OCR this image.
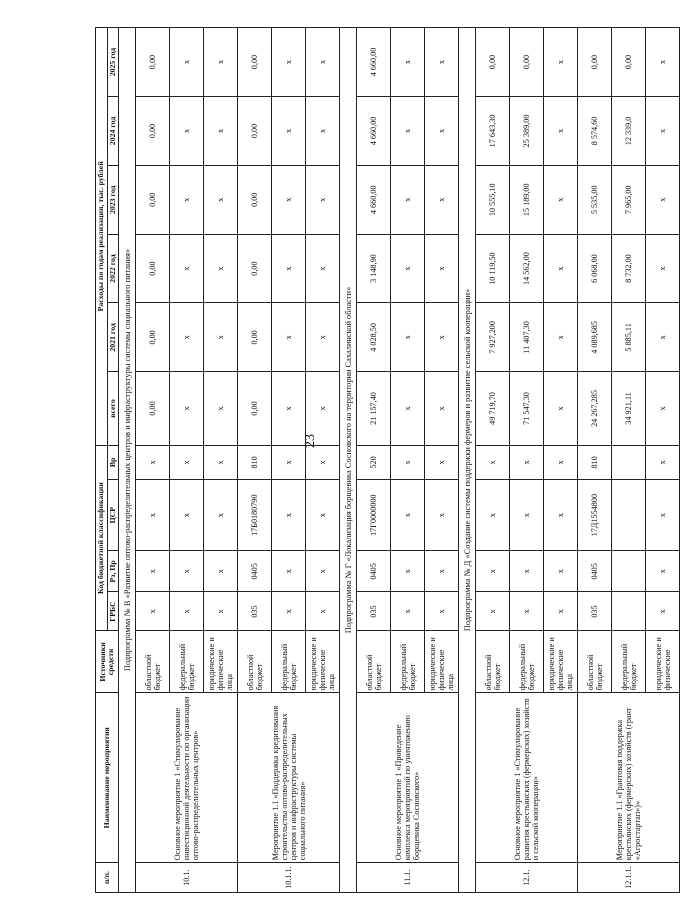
23
п/п.	Наименование мероприятия	Источники средств	Код бюджетной классификации				Расходы по годам реализации, тыс. рублей					
			ГРБС	Рз, Пр	ЦСР	Вр	всего	2021 год	2022 год	2023 год	2024 год	2025 год
Подпрограмма № В «Развитие оптово-распределительных центров и инфраструктуры системы социального питания»												
10.1.	Основное мероприятие 1 «Стимулирование инвестиционной деятельности по организации оптово-распределительных центров»	областной бюджет	x	x	x	x	0,00	0,00	0,00	0,00	0,00	0,00
		федеральный бюджет	x	x	x	x	x	x	x	x	x	x
		юридические и физические лица	x	x	x	x	x	x	x	x	x	x
10.1.1.	Мероприятие 1.1 «Поддержка кредитования строительства оптово-распределительных центров и инфраструктуры системы социального питания»	областной бюджет	035	0405	17Б0180790	810	0,00	0,00	0,00	0,00	0,00	0,00
		федеральный бюджет	x	x	x	x	x	x	x	x	x	x
		юридические и физические лица	x	x	x	x	x	x	x	x	x	x
Подпрограмма № Г «Локализация борщевика Сосновского на территории Сахалинской области»												
11.1.	Основное мероприятие 1 «Проведение комплекса мероприятий по уничтожению борщевика Сосновского»	областной бюджет	035	0405	17Г0000000	520	21 157,40	4 028,50	3 148,90	4 660,00	4 660,00	4 660,00
		федеральный бюджет	x	x	x	x	x	x	x	x	x	x
		юридические и физические лица	x	x	x	x	x	x	x	x	x	x
Подпрограмма № Д «Создание системы поддержки фермеров и развитие сельской кооперации»												
12.1.	Основное мероприятие 1 «Стимулирование развития крестьянских (фермерских) хозяйств и сельской кооперации»	областной бюджет	x	x	x	x	49 719,70	7 927,200	10 119,50	10 555,10	17 643,30	0,00
		федеральный бюджет	x	x	x	x	71 547,30	11 407,30	14 562,00	15 189,00	25 389,00	0,00
		юридические и физические лица	x	x	x	x	x	x	x	x	x	x
12.1.1.	Мероприятие 1.1 «Грантовая поддержка крестьянских (фермерских) хозяйств (грант «Агростартап»)»	областной бюджет	035	0405	17Д1554800	810	24 267,285	4 089,685	6 068,00	5 535,00	8 574,60	0,00
		федеральный бюджет					34 921,11	5 885,11	8 732,00	7 965,00	12 339,0	0,00
		юридические и физические	x	x	x	x	x	x	x	x	x	x
